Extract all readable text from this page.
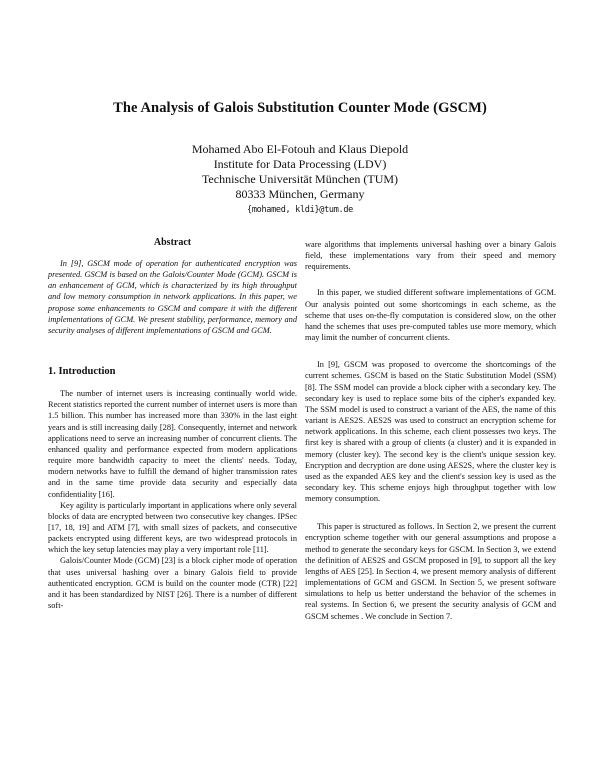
The Analysis of Galois Substitution Counter Mode (GSCM)
Mohamed Abo El-Fotouh and Klaus Diepold
Institute for Data Processing (LDV)
Technische Universität München (TUM)
80333 München, Germany
{mohamed, kldi}@tum.de
Abstract

In [9], GSCM mode of operation for authenticated encryption was presented. GSCM is based on the Galois/Counter Mode (GCM). GSCM is an enhancement of GCM, which is characterized by its high throughput and low memory consumption in network applications. In this paper, we propose some enhancements to GSCM and compare it with the different implementations of GCM. We present stability, performance, memory and security analyses of different implementations of GSCM and GCM.

1. Introduction

The number of internet users is increasing continually world wide. Recent statistics reported the current number of internet users is more than 1.5 billion. This number has increased more than 330% in the last eight years and is still increasing daily [28]. Consequently, internet and network applications need to serve an increasing number of concurrent clients. The enhanced quality and performance expected from modern applications require more bandwidth capacity to meet the clients' needs. Today, modern networks have to fulfill the demand of higher transmission rates and in the same time provide data security and especially data confidentiality [16].

Key agility is particularly important in applications where only several blocks of data are encrypted between two consecutive key changes. IPSec [17, 18, 19] and ATM [7], with small sizes of packets, and consecutive packets encrypted using different keys, are two widespread protocols in which the key setup latencies may play a very important role [11].

Galois/Counter Mode (GCM) [23] is a block cipher mode of operation that uses universal hashing over a binary Galois field to provide authenticated encryption. GCM is build on the counter mode (CTR) [22] and it has been standardized by NIST [26]. There is a number of different soft-

ware algorithms that implements universal hashing over a binary Galois field, these implementations vary from their speed and memory requirements.

In this paper, we studied different software implementations of GCM. Our analysis pointed out some shortcomings in each scheme, as the scheme that uses on-the-fly computation is considered slow, on the other hand the schemes that uses pre-computed tables use more memory, which may limit the number of concurrent clients.

In [9], GSCM was proposed to overcome the shortcomings of the current schemes. GSCM is based on the Static Substitution Model (SSM) [8]. The SSM model can provide a block cipher with a secondary key. The secondary key is used to replace some bits of the cipher's expanded key. The SSM model is used to construct a variant of the AES, the name of this variant is AES2S. AES2S was used to construct an encryption scheme for network applications. In this scheme, each client possesses two keys. The first key is shared with a group of clients (a cluster) and it is expanded in memory (cluster key). The second key is the client's unique session key. Encryption and decryption are done using AES2S, where the cluster key is used as the expanded AES key and the client's session key is used as the secondary key. This scheme enjoys high throughput together with low memory consumption.

This paper is structured as follows. In Section 2, we present the current encryption scheme together with our general assumptions and propose a method to generate the secondary keys for GSCM. In Section 3, we extend the definition of AES2S and GSCM proposed in [9], to support all the key lengths of AES [25]. In Section 4, we present memory analysis of different implementations of GCM and GSCM. In Section 5, we present software simulations to help us better understand the behavior of the schemes in real systems. In Section 6, we present the security analysis of GCM and GSCM schemes . We conclude in Section 7.
